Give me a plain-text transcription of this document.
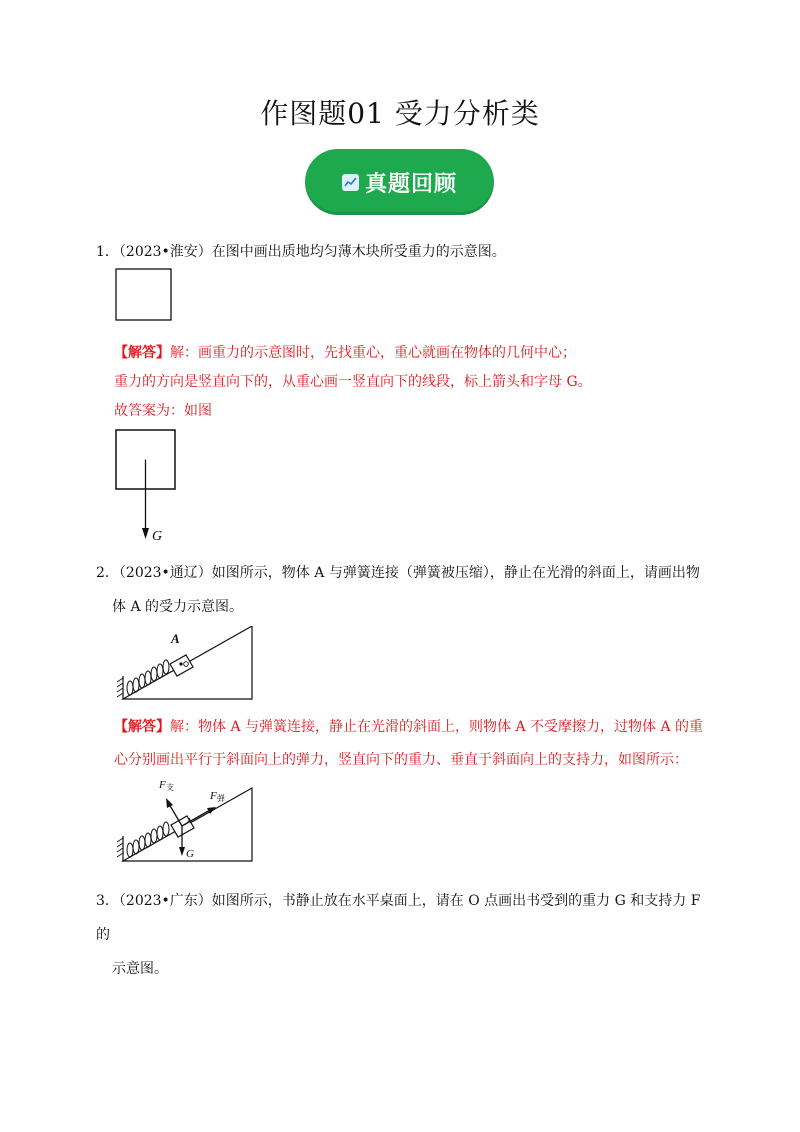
作图题01 受力分析类
真题回顾
1．（2023•淮安）在图中画出质地均匀薄木块所受重力的示意图。
【解答】解：画重力的示意图时，先找重心，重心就画在物体的几何中心；
重力的方向是竖直向下的，从重心画一竖直向下的线段，标上箭头和字母 G。
故答案为：如图
G
2．（2023•通辽）如图所示，物体 A 与弹簧连接（弹簧被压缩），静止在光滑的斜面上，请画出物
体 A 的受力示意图。
A
【解答】解：物体 A 与弹簧连接，静止在光滑的斜面上，则物体 A 不受摩擦力，过物体 A 的重
心分别画出平行于斜面向上的弹力，竖直向下的重力、垂直于斜面向上的支持力，如图所示：
F 支
F 弹
G
A
3．（2023•广东）如图所示，书静止放在水平桌面上，请在 O 点画出书受到的重力 G 和支持力 F 的
示意图。
